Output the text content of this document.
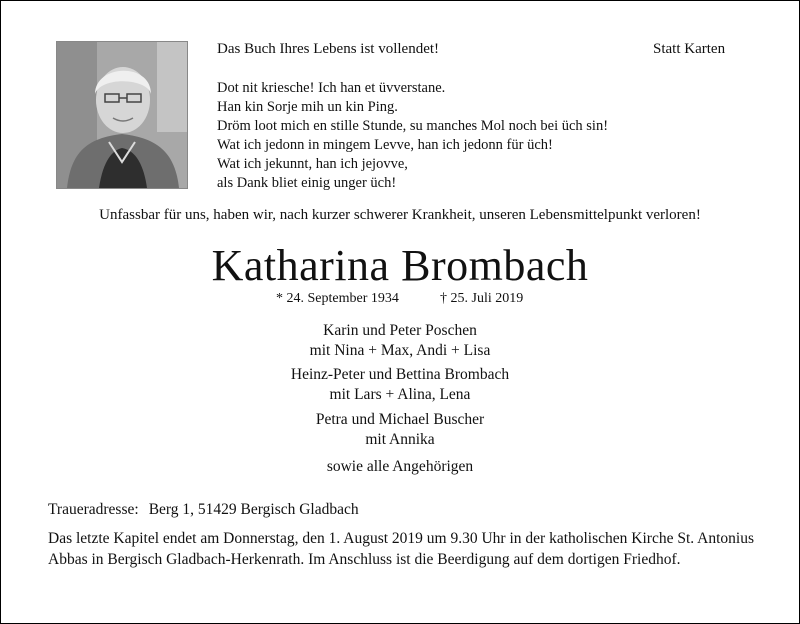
Das Buch Ihres Lebens ist vollendet!	Statt Karten
Dot nit kriesche! Ich han et üvverstane.
Han kin Sorje mih un kin Ping.
Dröm loot mich en stille Stunde, su manches Mol noch bei üch sin!
Wat ich jedonn in mingem Levve, han ich jedonn für üch!
Wat ich jekunnt, han ich jejovve,
als Dank bliet einig unger üch!
Unfassbar für uns, haben wir, nach kurzer schwerer Krankheit, unseren Lebensmittelpunkt verloren!
Katharina Brombach
* 24. September 1934	† 25. Juli 2019
Karin und Peter Poschen
mit Nina + Max, Andi + Lisa
Heinz-Peter und Bettina Brombach
mit Lars + Alina, Lena
Petra und Michael Buscher
mit Annika
sowie alle Angehörigen
Traueradresse: Berg 1, 51429 Bergisch Gladbach
Das letzte Kapitel endet am Donnerstag, den 1. August 2019 um 9.30 Uhr in der katholischen Kirche St. Antonius Abbas in Bergisch Gladbach-Herkenrath. Im Anschluss ist die Beerdigung auf dem dortigen Friedhof.
